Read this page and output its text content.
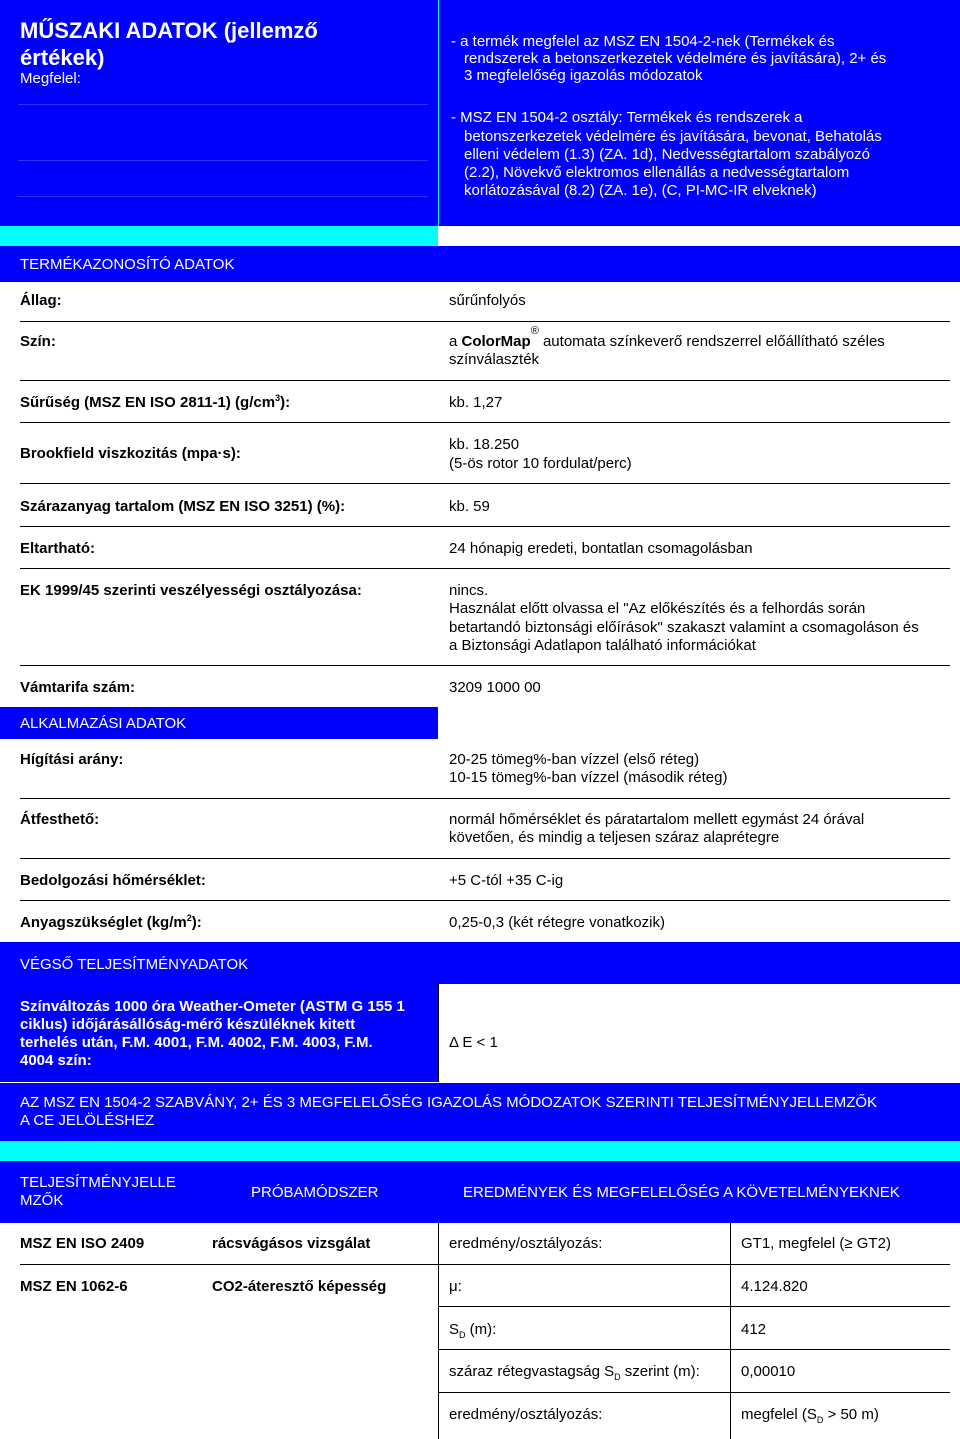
MŰSZAKI ADATOK (jellemző
értékek)
Megfelel:
- a termék megfelel az MSZ EN 1504-2-nek (Termékek és
rendszerek a betonszerkezetek védelmére és javítására), 2+ és
3 megfelelőség igazolás módozatok
- MSZ EN 1504-2 osztály: Termékek és rendszerek a
betonszerkezetek védelmére és javítására, bevonat, Behatolás
elleni védelem (1.3) (ZA. 1d), Nedvességtartalom szabályozó
(2.2), Növekvő elektromos ellenállás a nedvességtartalom
korlátozásával (8.2) (ZA. 1e), (C, PI-MC-IR elveknek)
TERMÉKAZONOSÍTÓ ADATOK
Állag:	sűrűnfolyós
Szín:	a ColorMap® automata színkeverő rendszerrel előállítható széles
színválaszték
Sűrűség (MSZ EN ISO 2811-1) $(g/cm^3)$:	kb. 1,27
Brookfield viszkozitás (mpa·s):
kb. 18.250
(5-ös rotor 10 fordulat/perc)
Szárazanyag tartalom (MSZ EN ISO 3251) (%):	kb. 59
Eltartható:	24 hónapig eredeti, bontatlan csomagolásban
EK 1999/45 szerinti veszélyességi osztályozása:	nincs.
Használat előtt olvassa el "Az előkészítés és a felhordás során
betartandó biztonsági előírások" szakaszt valamint a csomagoláson és
a Biztonsági Adatlapon található információkat
Vámtarifa szám:	3209 1000 00
ALKALMAZÁSI ADATOK
Hígítási arány:	20-25 tömeg%-ban vízzel (első réteg)
10-15 tömeg%-ban vízzel (második réteg)
Átfesthető:	normál hőmérséklet és páratartalom mellett egymást 24 órával
követően, és mindig a teljesen száraz alaprétegre
Bedolgozási hőmérséklet:	+5 C-tól +35 C-ig
Anyagszükséglet $(kg/m^2)$:	0,25-0,3 (két rétegre vonatkozik)
VÉGSŐ TELJESÍTMÉNYADATOK
Színváltozás 1000 óra Weather-Ometer (ASTM G 155 1
ciklus) időjárásállóság-mérő készüléknek kitett
terhelés után, F.M. 4001, F.M. 4002, F.M. 4003, F.M.
4004 szín:
Δ E < 1
AZ MSZ EN 1504-2 SZABVÁNY, 2+ ÉS 3 MEGFELELŐSÉG IGAZOLÁS MÓDOZATOK SZERINTI TELJESÍTMÉNYJELLEMZŐK
A CE JELÖLÉSHEZ
TELJESÍTMÉNYJELLE
MZŐK	PRÓBAMÓDSZER	EREDMÉNYEK ÉS MEGFELELŐSÉG A KÖVETELMÉNYEKNEK
MSZ EN ISO 2409	rácsvágásos vizsgálat	eredmény/osztályozás:	GT1, megfelel (≥ GT2)
MSZ EN 1062-6	CO2-áteresztő képesség	μ:	4.124.820
$S_D$ (m):	412
száraz rétegvastagság $S_D$ szerint (m):	0,00010
eredmény/osztályozás:	megfelel ($S_D > 50$ m)
